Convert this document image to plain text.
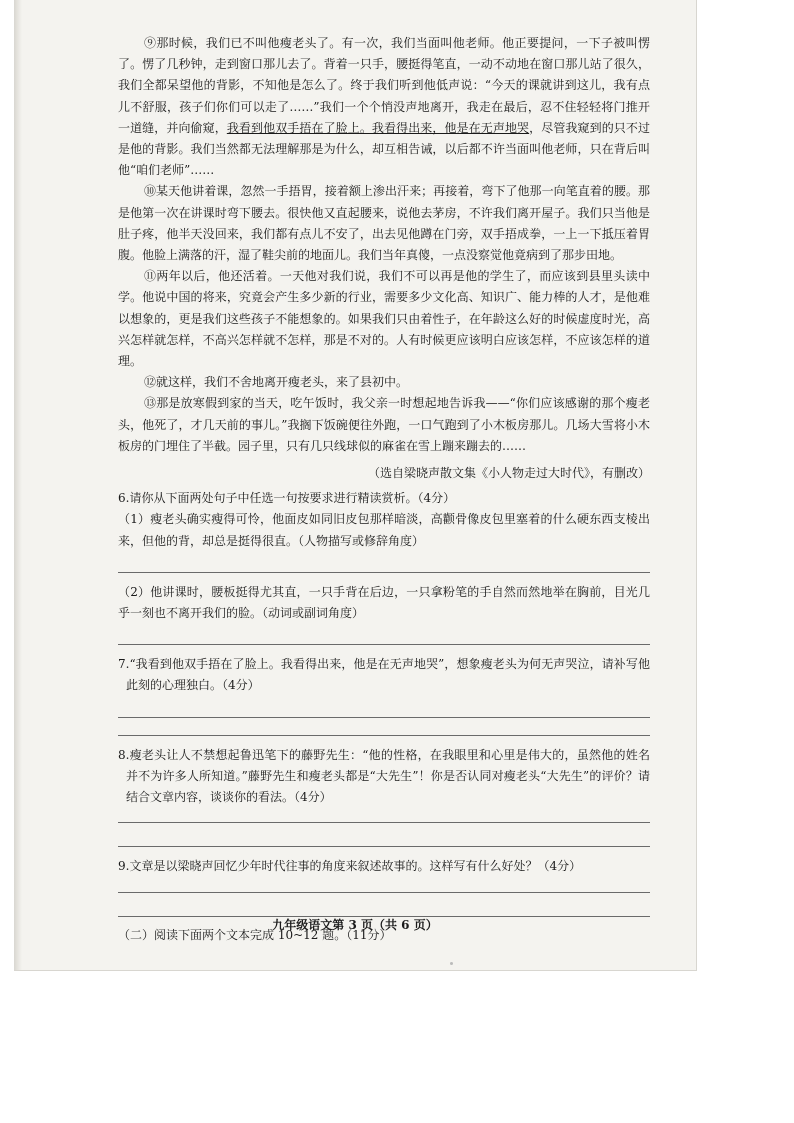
⑨那时候，我们已不叫他瘦老头了。有一次，我们当面叫他老师。他正要提问，一下子被叫愣了。愣了几秒钟，走到窗口那儿去了。背着一只手，腰挺得笔直，一动不动地在窗口那儿站了很久，我们全都呆望他的背影，不知他是怎么了。终于我们听到他低声说：“今天的课就讲到这儿，我有点儿不舒服，孩子们你们可以走了……”我们一个个悄没声地离开，我走在最后，忍不住轻轻将门推开一道缝，并向偷窥，我看到他双手捂在了脸上。我看得出来，他是在无声地哭，尽管我窥到的只不过是他的背影。我们当然都无法理解那是为什么，却互相告诫，以后都不许当面叫他老师，只在背后叫他“咱们老师”……

⑩某天他讲着课，忽然一手捂胃，接着额上渗出汗来；再接着，弯下了他那一向笔直着的腰。那是他第一次在讲课时弯下腰去。很快他又直起腰来，说他去茅房，不许我们离开屋子。我们只当他是肚子疼，他半天没回来，我们都有点儿不安了，出去见他蹲在门旁，双手捂成拳，一上一下抵压着胃腹。他脸上满落的汗，湿了鞋尖前的地面儿。我们当年真傻，一点没察觉他竟病到了那步田地。

⑪两年以后，他还活着。一天他对我们说，我们不可以再是他的学生了，而应该到县里头读中学。他说中国的将来，究竟会产生多少新的行业，需要多少文化高、知识广、能力棒的人才，是他难以想象的，更是我们这些孩子不能想象的。如果我们只由着性子，在年龄这么好的时候虚度时光，高兴怎样就怎样，不高兴怎样就不怎样，那是不对的。人有时候更应该明白应该怎样，不应该怎样的道理。

⑫就这样，我们不舍地离开瘦老头，来了县初中。

⑬那是放寒假到家的当天，吃午饭时，我父亲一时想起地告诉我——“你们应该感谢的那个瘦老头，他死了，才几天前的事儿。”我搁下饭碗便往外跑，一口气跑到了小木板房那儿。几场大雪将小木板房的门埋住了半截。园子里，只有几只线球似的麻雀在雪上蹦来蹦去的……

（选自梁晓声散文集《小人物走过大时代》，有删改）

6.请你从下面两处句子中任选一句按要求进行精读赏析。（4分）

（1）瘦老头确实瘦得可怜，他面皮如同旧皮包那样暗淡，高颧骨像皮包里塞着的什么硬东西支棱出来，但他的背，却总是挺得很直。（人物描写或修辞角度）

（2）他讲课时，腰板挺得尤其直，一只手背在后边，一只拿粉笔的手自然而然地举在胸前，目光几乎一刻也不离开我们的脸。（动词或副词角度）

7.“我看到他双手捂在了脸上。我看得出来，他是在无声地哭”，想象瘦老头为何无声哭泣，请补写他此刻的心理独白。（4分）

8.瘦老头让人不禁想起鲁迅笔下的藤野先生：“他的性格，在我眼里和心里是伟大的，虽然他的姓名并不为许多人所知道。”藤野先生和瘦老头都是“大先生”！你是否认同对瘦老头“大先生”的评价？请结合文章内容，谈谈你的看法。（4分）

9.文章是以梁晓声回忆少年时代往事的角度来叙述故事的。这样写有什么好处？（4分）

（二）阅读下面两个文本完成 10~12 题。（11分）

九年级语文第 3 页（共 6 页）
